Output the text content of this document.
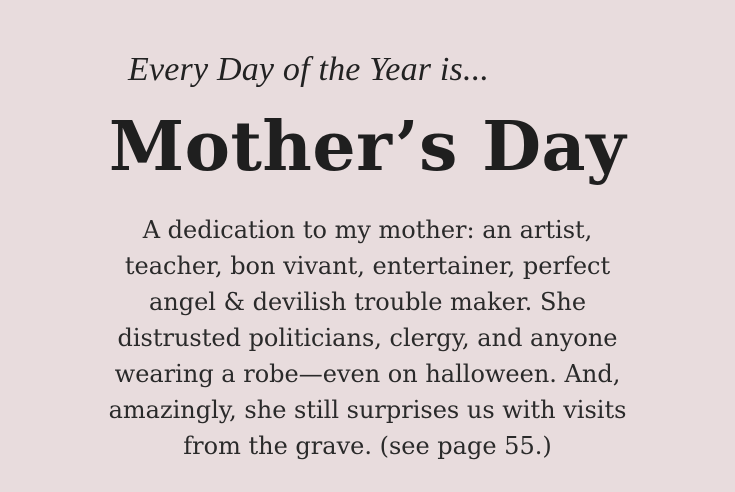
Every Day of the Year is...
Mother’s Day

A dedication to my mother: an artist,
teacher, bon vivant, entertainer, perfect
angel & devilish trouble maker. She
distrusted politicians, clergy, and anyone
wearing a robe—even on halloween. And,
amazingly, she still surprises us with visits
from the grave. (see page 55.)
